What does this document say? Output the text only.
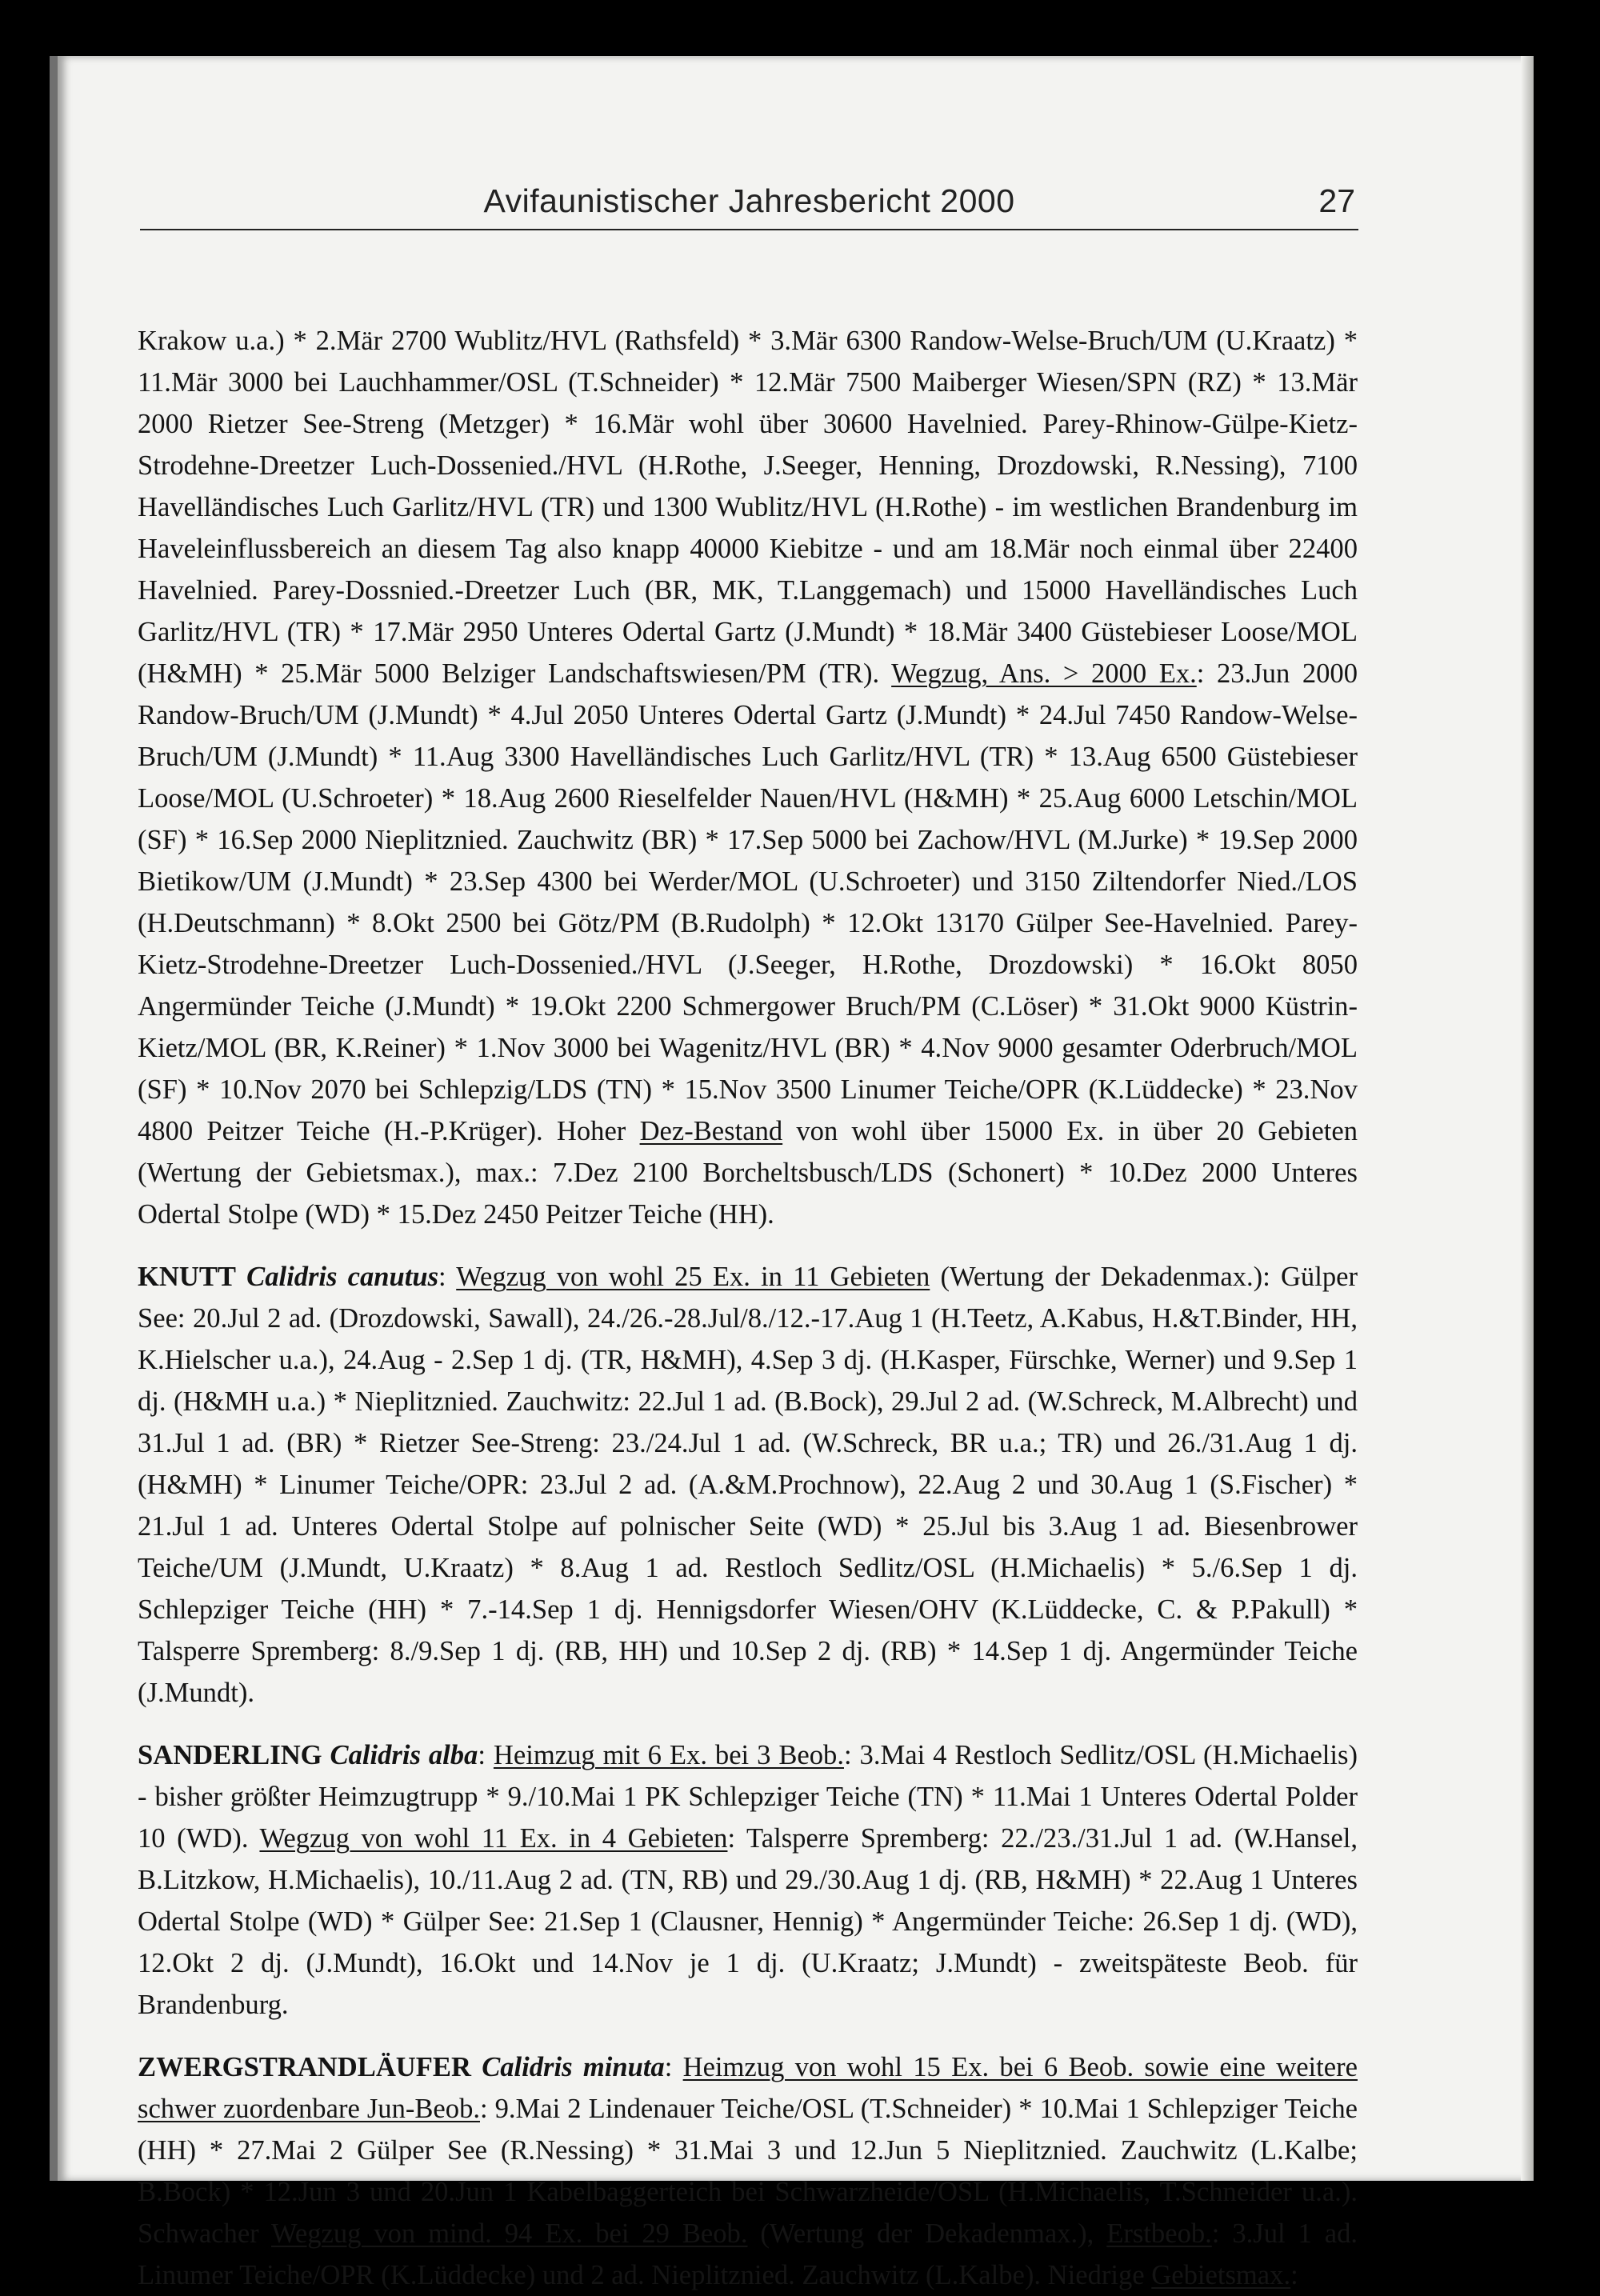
Avifaunistischer Jahresbericht 2000	27

Krakow u.a.) * 2.Mär 2700 Wublitz/HVL (Rathsfeld) * 3.Mär 6300 Randow-Welse-Bruch/UM (U.Kraatz) * 11.Mär 3000 bei Lauchhammer/OSL (T.Schneider) * 12.Mär 7500 Maiberger Wiesen/SPN (RZ) * 13.Mär 2000 Rietzer See-Streng (Metzger) * 16.Mär wohl über 30600 Havelnied. Parey-Rhinow-Gülpe-Kietz-Strodehne-Dreetzer Luch-Dossenied./HVL (H.Rothe, J.Seeger, Henning, Drozdowski, R.Nessing), 7100 Havelländisches Luch Garlitz/HVL (TR) und 1300 Wublitz/HVL (H.Rothe) - im westlichen Brandenburg im Haveleinflussbereich an diesem Tag also knapp 40000 Kiebitze - und am 18.Mär noch einmal über 22400 Havelnied. Parey-Dossnied.-Dreetzer Luch (BR, MK, T.Langgemach) und 15000 Havelländisches Luch Garlitz/HVL (TR) * 17.Mär 2950 Unteres Odertal Gartz (J.Mundt) * 18.Mär 3400 Güstebieser Loose/MOL (H&MH) * 25.Mär 5000 Belziger Landschaftswiesen/PM (TR). Wegzug, Ans. > 2000 Ex.: 23.Jun 2000 Randow-Bruch/UM (J.Mundt) * 4.Jul 2050 Unteres Odertal Gartz (J.Mundt) * 24.Jul 7450 Randow-Welse-Bruch/UM (J.Mundt) * 11.Aug 3300 Havelländisches Luch Garlitz/HVL (TR) * 13.Aug 6500 Güstebieser Loose/MOL (U.Schroeter) * 18.Aug 2600 Rieselfelder Nauen/HVL (H&MH) * 25.Aug 6000 Letschin/MOL (SF) * 16.Sep 2000 Nieplitznied. Zauchwitz (BR) * 17.Sep 5000 bei Zachow/HVL (M.Jurke) * 19.Sep 2000 Bietikow/UM (J.Mundt) * 23.Sep 4300 bei Werder/MOL (U.Schroeter) und 3150 Ziltendorfer Nied./LOS (H.Deutschmann) * 8.Okt 2500 bei Götz/PM (B.Rudolph) * 12.Okt 13170 Gülper See-Havelnied. Parey-Kietz-Strodehne-Dreetzer Luch-Dossenied./HVL (J.Seeger, H.Rothe, Drozdowski) * 16.Okt 8050 Angermünder Teiche (J.Mundt) * 19.Okt 2200 Schmergower Bruch/PM (C.Löser) * 31.Okt 9000 Küstrin-Kietz/MOL (BR, K.Reiner) * 1.Nov 3000 bei Wagenitz/HVL (BR) * 4.Nov 9000 gesamter Oderbruch/MOL (SF) * 10.Nov 2070 bei Schlepzig/LDS (TN) * 15.Nov 3500 Linumer Teiche/OPR (K.Lüddecke) * 23.Nov 4800 Peitzer Teiche (H.-P.Krüger). Hoher Dez-Bestand von wohl über 15000 Ex. in über 20 Gebieten (Wertung der Gebietsmax.), max.: 7.Dez 2100 Borcheltsbusch/LDS (Schonert) * 10.Dez 2000 Unteres Odertal Stolpe (WD) * 15.Dez 2450 Peitzer Teiche (HH).

KNUTT Calidris canutus: Wegzug von wohl 25 Ex. in 11 Gebieten (Wertung der Dekadenmax.): Gülper See: 20.Jul 2 ad. (Drozdowski, Sawall), 24./26.-28.Jul/8./12.-17.Aug 1 (H.Teetz, A.Kabus, H.&T.Binder, HH, K.Hielscher u.a.), 24.Aug - 2.Sep 1 dj. (TR, H&MH), 4.Sep 3 dj. (H.Kasper, Fürschke, Werner) und 9.Sep 1 dj. (H&MH u.a.) * Nieplitznied. Zauchwitz: 22.Jul 1 ad. (B.Bock), 29.Jul 2 ad. (W.Schreck, M.Albrecht) und 31.Jul 1 ad. (BR) * Rietzer See-Streng: 23./24.Jul 1 ad. (W.Schreck, BR u.a.; TR) und 26./31.Aug 1 dj. (H&MH) * Linumer Teiche/OPR: 23.Jul 2 ad. (A.&M.Prochnow), 22.Aug 2 und 30.Aug 1 (S.Fischer) * 21.Jul 1 ad. Unteres Odertal Stolpe auf polnischer Seite (WD) * 25.Jul bis 3.Aug 1 ad. Biesenbrower Teiche/UM (J.Mundt, U.Kraatz) * 8.Aug 1 ad. Restloch Sedlitz/OSL (H.Michaelis) * 5./6.Sep 1 dj. Schlepziger Teiche (HH) * 7.-14.Sep 1 dj. Hennigsdorfer Wiesen/OHV (K.Lüddecke, C. & P.Pakull) * Talsperre Spremberg: 8./9.Sep 1 dj. (RB, HH) und 10.Sep 2 dj. (RB) * 14.Sep 1 dj. Angermünder Teiche (J.Mundt).

SANDERLING Calidris alba: Heimzug mit 6 Ex. bei 3 Beob.: 3.Mai 4 Restloch Sedlitz/OSL (H.Michaelis) - bisher größter Heimzugtrupp * 9./10.Mai 1 PK Schlepziger Teiche (TN) * 11.Mai 1 Unteres Odertal Polder 10 (WD). Wegzug von wohl 11 Ex. in 4 Gebieten: Talsperre Spremberg: 22./23./31.Jul 1 ad. (W.Hansel, B.Litzkow, H.Michaelis), 10./11.Aug 2 ad. (TN, RB) und 29./30.Aug 1 dj. (RB, H&MH) * 22.Aug 1 Unteres Odertal Stolpe (WD) * Gülper See: 21.Sep 1 (Clausner, Hennig) * Angermünder Teiche: 26.Sep 1 dj. (WD), 12.Okt 2 dj. (J.Mundt), 16.Okt und 14.Nov je 1 dj. (U.Kraatz; J.Mundt) - zweitspäteste Beob. für Brandenburg.

ZWERGSTRANDLÄUFER Calidris minuta: Heimzug von wohl 15 Ex. bei 6 Beob. sowie eine weitere schwer zuordenbare Jun-Beob.: 9.Mai 2 Lindenauer Teiche/OSL (T.Schneider) * 10.Mai 1 Schlepziger Teiche (HH) * 27.Mai 2 Gülper See (R.Nessing) * 31.Mai 3 und 12.Jun 5 Nieplitznied. Zauchwitz (L.Kalbe; B.Bock) * 12.Jun 3 und 20.Jun 1 Kabelbaggerteich bei Schwarzheide/OSL (H.Michaelis, T.Schneider u.a.). Schwacher Wegzug von mind. 94 Ex. bei 29 Beob. (Wertung der Dekadenmax.), Erstbeob.: 3.Jul 1 ad. Linumer Teiche/OPR (K.Lüddecke) und 2 ad. Nieplitznied. Zauchwitz (L.Kalbe). Niedrige Gebietsmax.:
